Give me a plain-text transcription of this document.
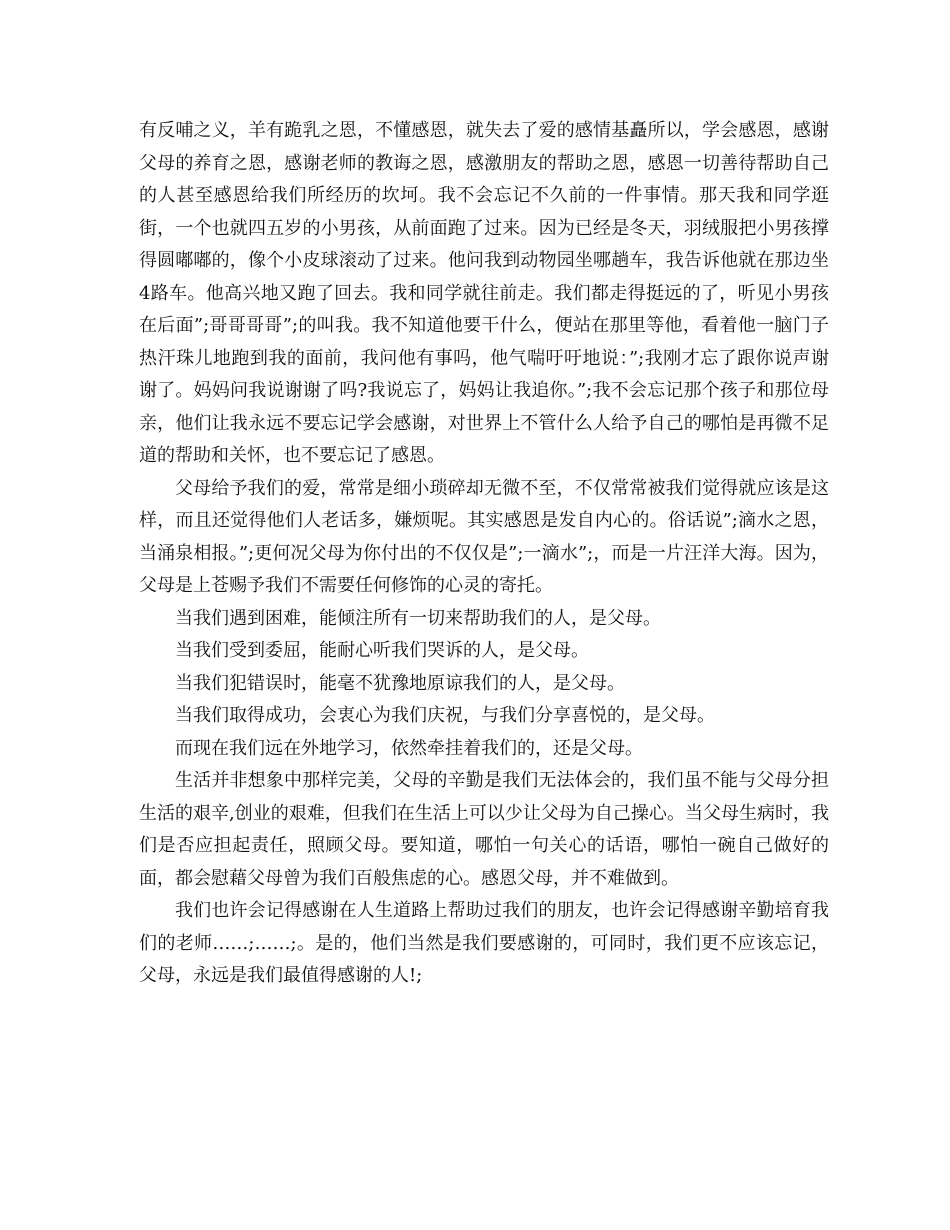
有反哺之义，羊有跪乳之恩，不懂感恩，就失去了爱的感情基矗所以，学会感恩，感谢父母的养育之恩，感谢老师的教诲之恩，感激朋友的帮助之恩，感恩一切善待帮助自己的人甚至感恩给我们所经历的坎坷。我不会忘记不久前的一件事情。那天我和同学逛街，一个也就四五岁的小男孩，从前面跑了过来。因为已经是冬天，羽绒服把小男孩撑得圆嘟嘟的，像个小皮球滚动了过来。他问我到动物园坐哪趟车，我告诉他就在那边坐4路车。他高兴地又跑了回去。我和同学就往前走。我们都走得挺远的了，听见小男孩在后面”;哥哥哥哥”;的叫我。我不知道他要干什么，便站在那里等他，看着他一脑门子热汗珠儿地跑到我的面前，我问他有事吗，他气喘吁吁地说：”;我刚才忘了跟你说声谢谢了。妈妈问我说谢谢了吗?我说忘了，妈妈让我追你。”;我不会忘记那个孩子和那位母亲，他们让我永远不要忘记学会感谢，对世界上不管什么人给予自己的哪怕是再微不足道的帮助和关怀，也不要忘记了感恩。

父母给予我们的爱，常常是细小琐碎却无微不至，不仅常常被我们觉得就应该是这样，而且还觉得他们人老话多，嫌烦呢。其实感恩是发自内心的。俗话说”;滴水之恩，当涌泉相报。”;更何况父母为你付出的不仅仅是”;一滴水”;，而是一片汪洋大海。因为，父母是上苍赐予我们不需要任何修饰的心灵的寄托。

当我们遇到困难，能倾注所有一切来帮助我们的人，是父母。

当我们受到委屈，能耐心听我们哭诉的人，是父母。

当我们犯错误时，能毫不犹豫地原谅我们的人，是父母。

当我们取得成功，会衷心为我们庆祝，与我们分享喜悦的，是父母。

而现在我们远在外地学习，依然牵挂着我们的，还是父母。

生活并非想象中那样完美，父母的辛勤是我们无法体会的，我们虽不能与父母分担生活的艰辛,创业的艰难，但我们在生活上可以少让父母为自己操心。当父母生病时，我们是否应担起责任，照顾父母。要知道，哪怕一句关心的话语，哪怕一碗自己做好的面，都会慰藉父母曾为我们百般焦虑的心。感恩父母，并不难做到。

我们也许会记得感谢在人生道路上帮助过我们的朋友，也许会记得感谢辛勤培育我们的老师……;……;。是的，他们当然是我们要感谢的，可同时，我们更不应该忘记，父母，永远是我们最值得感谢的人!;
